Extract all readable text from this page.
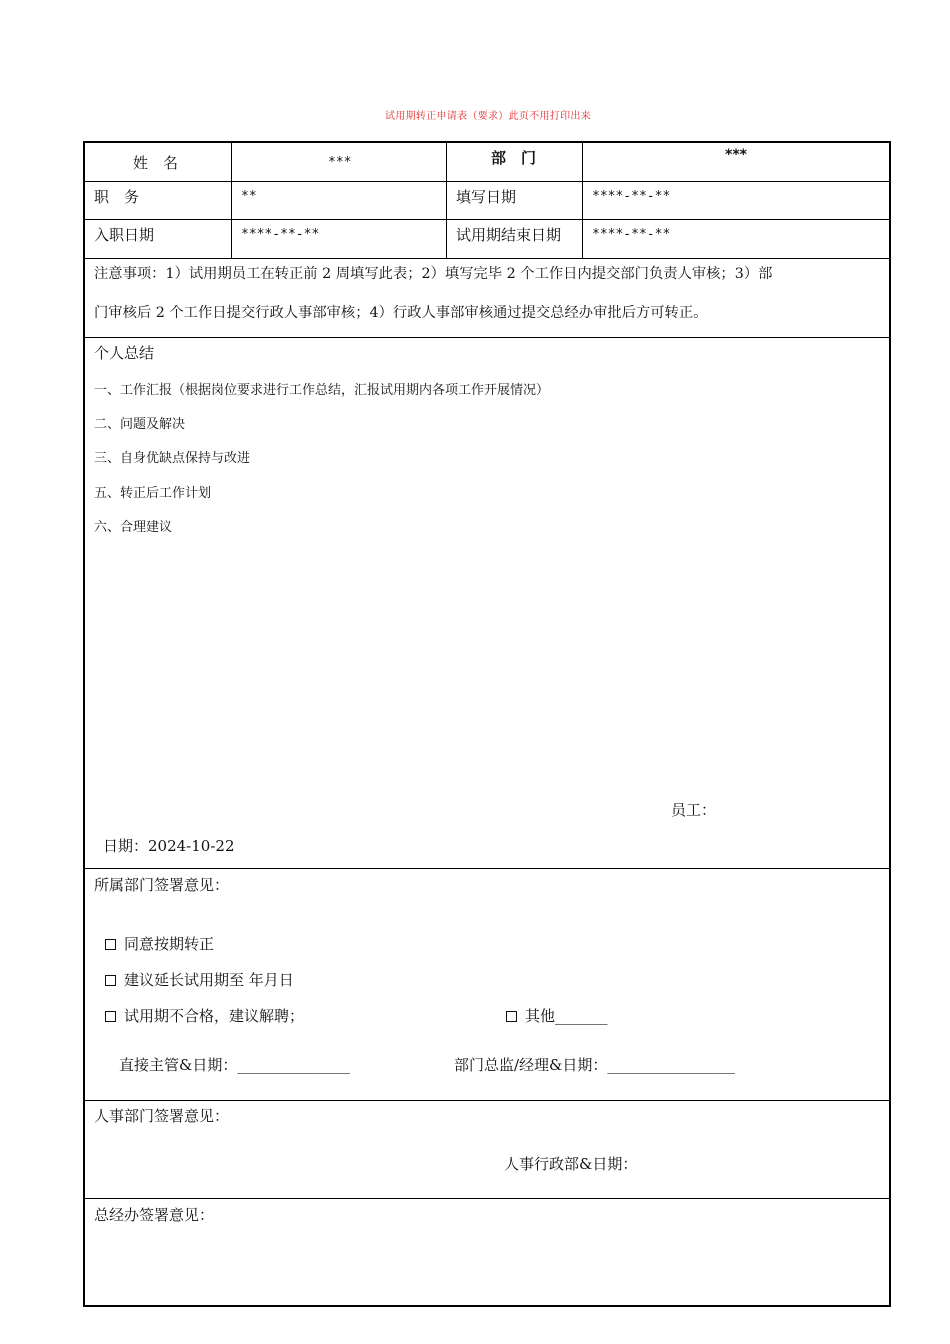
试用期转正申请表（要求）此页不用打印出来
姓　名	***	部　门	***
职　务	**	填写日期	****-**-**
入职日期	****-**-**	试用期结束日期 ****-**-**
注意事项：1）试用期员工在转正前 2 周填写此表；2）填写完毕 2 个工作日内提交部门负责人审核；3）部
门审核后 2 个工作日提交行政人事部审核；4）行政人事部审核通过提交总经办审批后方可转正。
个人总结
一、工作汇报（根据岗位要求进行工作总结，汇报试用期内各项工作开展情况）
二、问题及解决
三、自身优缺点保持与改进
五、转正后工作计划
六、合理建议
员工：
日期：2024-10-22
所属部门签署意见：
同意按期转正
建议延长试用期至 年月日
试用期不合格，建议解聘；	其他_______
直接主管&日期：_______________	部门总监/经理&日期：_________________
人事部门签署意见：
人事行政部&日期：
总经办签署意见：
